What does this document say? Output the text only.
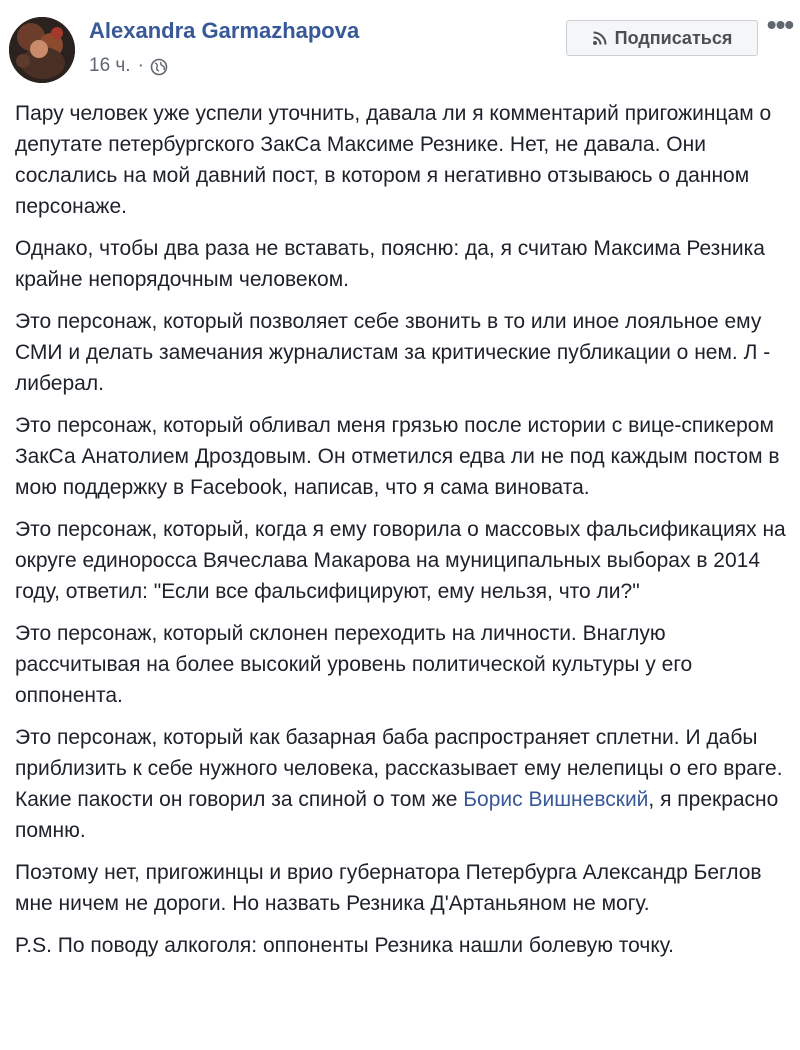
Alexandra Garmazhapova
16 ч. ·
Подписаться •••

Пару человек уже успели уточнить, давала ли я комментарий пригожинцам о депутате петербургского ЗакСа Максиме Резнике. Нет, не давала. Они сослались на мой давний пост, в котором я негативно отзываюсь о данном персонаже.

Однако, чтобы два раза не вставать, поясню: да, я считаю Максима Резника крайне непорядочным человеком.

Это персонаж, который позволяет себе звонить в то или иное лояльное ему СМИ и делать замечания журналистам за критические публикации о нем. Л - либерал.

Это персонаж, который обливал меня грязью после истории с вице-спикером ЗакСа Анатолием Дроздовым. Он отметился едва ли не под каждым постом в мою поддержку в Facebook, написав, что я сама виновата.

Это персонаж, который, когда я ему говорила о массовых фальсификациях на округе единоросса Вячеслава Макарова на муниципальных выборах в 2014 году, ответил: "Если все фальсифицируют, ему нельзя, что ли?"

Это персонаж, который склонен переходить на личности. Внаглую рассчитывая на более высокий уровень политической культуры у его оппонента.

Это персонаж, который как базарная баба распространяет сплетни. И дабы приблизить к себе нужного человека, рассказывает ему нелепицы о его враге. Какие пакости он говорил за спиной о том же Борис Вишневский, я прекрасно помню.

Поэтому нет, пригожинцы и врио губернатора Петербурга Александр Беглов мне ничем не дороги. Но назвать Резника Д'Артаньяном не могу.

P.S. По поводу алкоголя: оппоненты Резника нашли болевую точку.
